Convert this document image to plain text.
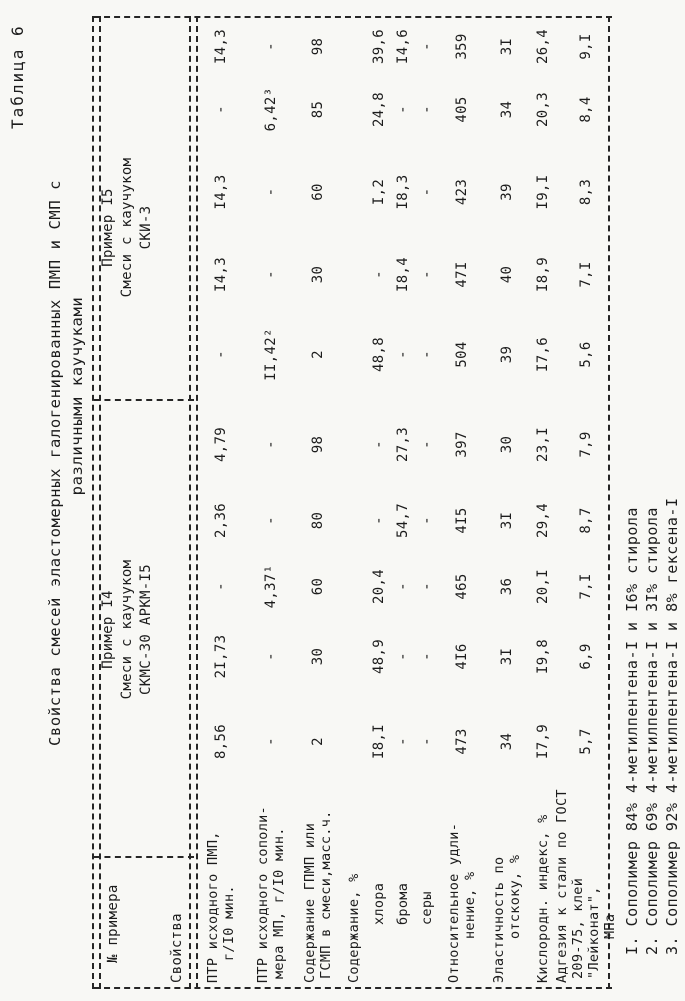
Таблица 6
Свойства смесей эластомерных галогенированных ПМП и СМП с различными каучуками
№ примера	Свойства
Пример I4 Смеси с каучуком СКМС-30 АРКМ-I5
Пример I5 Смеси с каучуком СКИ-3
ПТР исходного ПМП, г/I0 мин.
8,56
2I,73
-
2,36
4,79
-
I4,3
I4,3
-
I4,3
ПТР исходного сополи- мера МП, г/I0 мин.
-
-
4,37¹
-
-
II,42²
-
-
6,42³
-
Содержание ГПМП или ГСМП в смеси,масс.ч.
2
30
60
80
98
2
30
60
85
98
Содержание, % хлора
I8,I
48,9
20,4
-
-
48,8
-
I,2
24,8
39,6
брома
-
-
-
54,7
27,3
-
I8,4
I8,3
-
I4,6
серы
-
-
-
-
-
-
-
-
-
-
Относительное удли- нение, %
473
4I6
465
4I5
397
504
47I
423
405
359
Эластичность по отскоку, %
34
3I
36
3I
30
39
40
39
34
3I
Кислородн. индекс, %
I7,9
I9,8
20,I
29,4
23,I
I7,6
I8,9
I9,I
20,3
26,4
Адгезия к стали по ГОСТ 209-75, клей "Лейконат", МПа
5,7
6,9
7,I
8,7
7,9
5,6
7,I
8,3
8,4
9,I
I. Сополимер 84% 4-метилпентена-I и I6% стирола 2. Сополимер 69% 4-метилпентена-I и 3I% стирола 3. Сополимер 92% 4-метилпентена-I и 8% гексена-I
